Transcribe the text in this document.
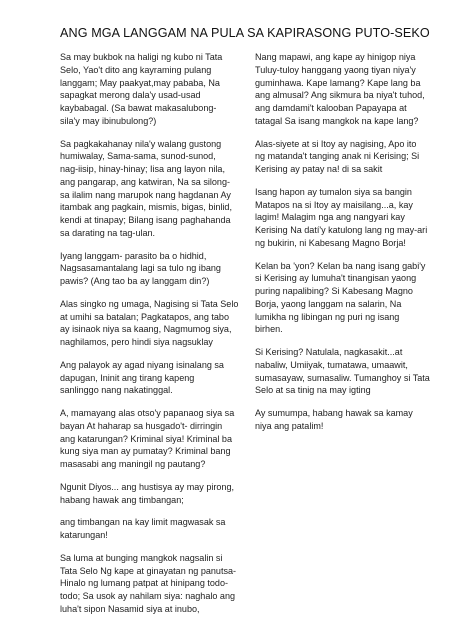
ANG MGA LANGGAM NA PULA SA KAPIRASONG PUTO-SEKO

Sa may bukbok na haligi ng kubo ni Tata
Selo, Yao't dito ang kayraming pulang
langgam; May paakyat,may pababa, Na
sapagkat merong dala'y usad-usad
kaybabagal. (Sa bawat makasalubong-
sila'y may ibinubulong?)

Sa pagkakahanay nila'y walang gustong
humiwalay, Sama-sama, sunod-sunod,
nag-iisip, hinay-hinay; Iisa ang layon nila,
ang pangarap, ang katwiran, Na sa silong-
sa ilalim nang marupok nang hagdanan Ay
itambak ang pagkain, mismis, bigas, binlid,
kendi at tinapay; Bilang isang paghahanda
sa darating na tag-ulan.

Iyang langgam- parasito ba o hidhid,
Nagsasamantalang lagi sa tulo ng ibang
pawis? (Ang tao ba ay langgam din?)

Alas singko ng umaga, Nagising si Tata Selo
at umihi sa batalan; Pagkatapos, ang tabo
ay isinaok niya sa kaang, Nagmumog siya,
naghilamos, pero hindi siya nagsuklay

Ang palayok ay agad niyang isinalang sa
dapugan, Ininit ang tirang kapeng
sanlinggo nang nakatinggal.

A, mamayang alas otso'y papanaog siya sa
bayan At haharap sa husgado't- dirringin
ang katarungan? Kriminal siya! Kriminal ba
kung siya man ay pumatay? Kriminal bang
masasabi ang maningil ng pautang?

Ngunit Diyos... ang hustisya ay may pirong,
habang hawak ang timbangan;

ang timbangan na kay limit magwasak sa
katarungan!

Sa luma at bunging mangkok nagsalin si
Tata Selo Ng kape at ginayatan ng panutsa-
Hinalo ng lumang patpat at hinipang todo-
todo; Sa usok ay nahilam siya: naghalo ang
luha't sipon Nasamid siya at inubo,

Nang mapawi, ang kape ay hinigop niya
Tuluy-tuloy hanggang yaong tiyan niya'y
guminhawa. Kape lamang? Kape lang ba
ang almusal? Ang sikmura ba niya't tuhod,
ang damdami't kalooban Papayapa at
tatagal Sa isang mangkok na kape lang?

Alas-siyete at si Itoy ay nagising, Apo ito
ng matanda't tanging anak ni Kerising; Si
Kerising ay patay na! di sa sakit

Isang hapon ay tumalon siya sa bangin
Matapos na si Itoy ay maisilang...a, kay
lagim! Malagim nga ang nangyari kay
Kerising Na datí'y katulong lang ng may-ari
ng bukirin, ni Kabesang Magno Borja!

Kelan ba 'yon? Kelan ba nang isang gabi'y
si Kerising ay lumuha't tinangisan yaong
puring napalibing? Si Kabesang Magno
Borja, yaong langgam na salarin, Na
lumikha ng libingan ng puri ng isang
birhen.

Si Kerising? Natulala, nagkasakit...at
nabaliw, Umiiyak, tumatawa, umaawit,
sumasayaw, sumasaliw. Tumanghoy si Tata
Selo at sa tinig na may igting

Ay sumumpa, habang hawak sa kamay
niya ang patalim!
